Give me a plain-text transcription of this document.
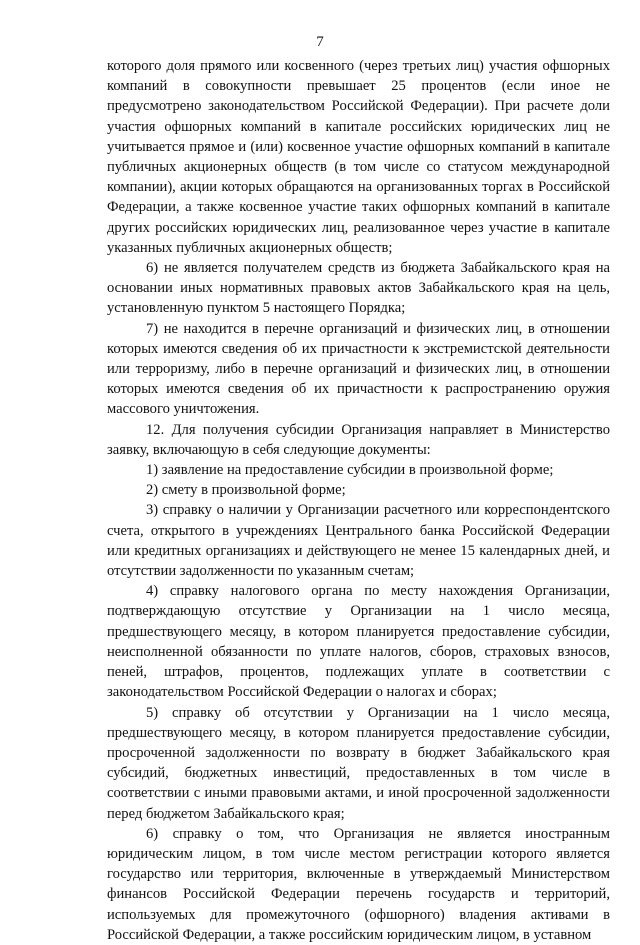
7

которого доля прямого или косвенного (через третьих лиц) участия офшорных компаний в совокупности превышает 25 процентов (если иное не предусмотрено законодательством Российской Федерации). При расчете доли участия офшорных компаний в капитале российских юридических лиц не учитывается прямое и (или) косвенное участие офшорных компаний в капитале публичных акционерных обществ (в том числе со статусом международной компании), акции которых обращаются на организованных торгах в Российской Федерации, а также косвенное участие таких офшорных компаний в капитале других российских юридических лиц, реализованное через участие в капитале указанных публичных акционерных обществ;

6) не является получателем средств из бюджета Забайкальского края на основании иных нормативных правовых актов Забайкальского края на цель, установленную пунктом 5 настоящего Порядка;

7) не находится в перечне организаций и физических лиц, в отношении которых имеются сведения об их причастности к экстремистской деятельности или терроризму, либо в перечне организаций и физических лиц, в отношении которых имеются сведения об их причастности к распространению оружия массового уничтожения.

12. Для получения субсидии Организация направляет в Министерство заявку, включающую в себя следующие документы:

1) заявление на предоставление субсидии в произвольной форме;

2) смету в произвольной форме;

3) справку о наличии у Организации расчетного или корреспондентского счета, открытого в учреждениях Центрального банка Российской Федерации или кредитных организациях и действующего не менее 15 календарных дней, и отсутствии задолженности по указанным счетам;

4) справку налогового органа по месту нахождения Организации, подтверждающую отсутствие у Организации на 1 число месяца, предшествующего месяцу, в котором планируется предоставление субсидии, неисполненной обязанности по уплате налогов, сборов, страховых взносов, пеней, штрафов, процентов, подлежащих уплате в соответствии с законодательством Российской Федерации о налогах и сборах;

5) справку об отсутствии у Организации на 1 число месяца, предшествующего месяцу, в котором планируется предоставление субсидии, просроченной задолженности по возврату в бюджет Забайкальского края субсидий, бюджетных инвестиций, предоставленных в том числе в соответствии с иными правовыми актами, и иной просроченной задолженности перед бюджетом Забайкальского края;

6) справку о том, что Организация не является иностранным юридическим лицом, в том числе местом регистрации которого является государство или территория, включенные в утверждаемый Министерством финансов Российской Федерации перечень государств и территорий, используемых для промежуточного (офшорного) владения активами в Российской Федерации, а также российским юридическим лицом, в уставном
